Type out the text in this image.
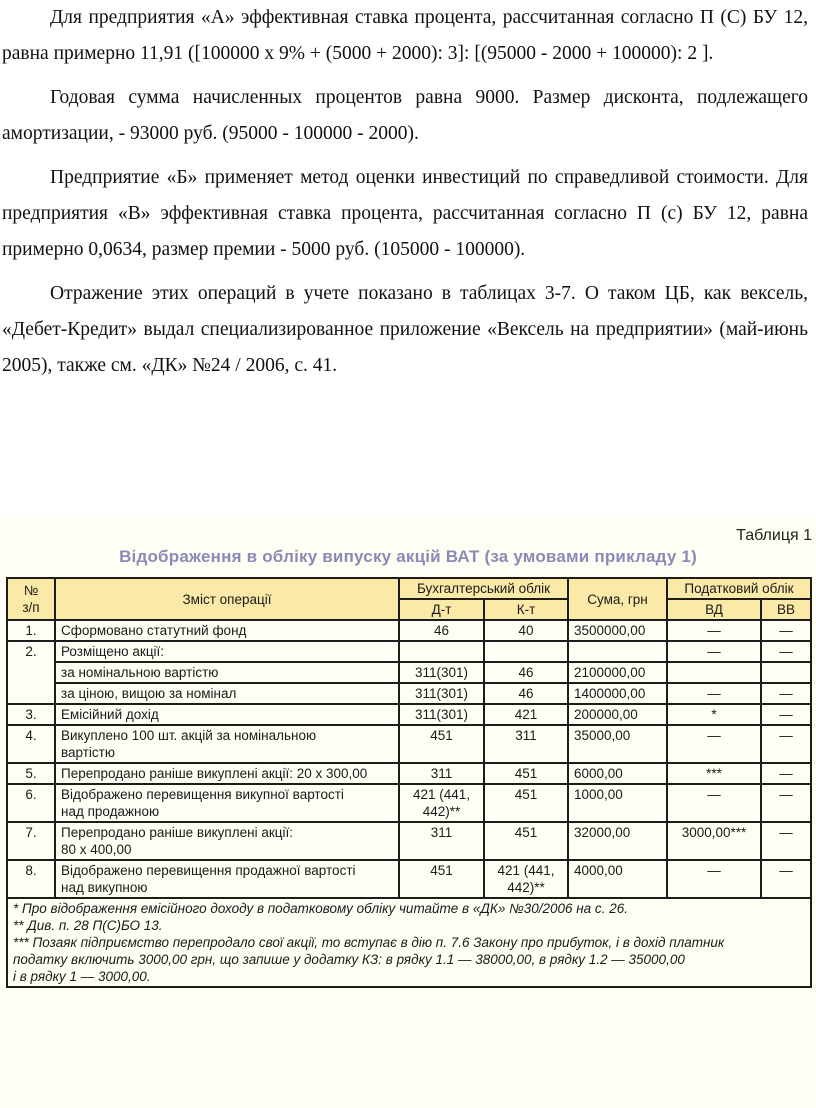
Для предприятия «А» эффективная ставка процента, рассчитанная согласно П (С) БУ 12, равна примерно 11,91 ([100000 х 9% + (5000 + 2000): 3]: [(95000 - 2000 + 100000): 2 ].

Годовая сумма начисленных процентов равна 9000. Размер дисконта, подлежащего амортизации, - 93000 руб. (95000 - 100000 - 2000).

Предприятие «Б» применяет метод оценки инвестиций по справедливой стоимости. Для предприятия «В» эффективная ставка процента, рассчитанная согласно П (с) БУ 12, равна примерно 0,0634, размер премии - 5000 руб. (105000 - 100000).

Отражение этих операций в учете показано в таблицах 3-7. О таком ЦБ, как вексель, «Дебет-Кредит» выдал специализированное приложение «Вексель на предприятии» (май-июнь 2005), также см. «ДК» №24 / 2006, с. 41.

Таблиця 1
Відображення в обліку випуску акцій ВАТ (за умовами прикладу 1)
№
з/п	Зміст операції	Бухгалтерський облік		Сума, грн	Податковий облік	
		Д-т	К-т		ВД	ВВ
1.	Сформовано статутний фонд	46	40	3500000,00	—	—
2.	Розміщено акції:				—	—
	за номінальною вартістю	311(301)	46	2100000,00		
	за ціною, вищою за номінал	311(301)	46	1400000,00	—	—
3.	Емісійний дохід	311(301)	421	200000,00	*	—
4.	Викуплено 100 шт. акцій за номінальною
вартістю	451	311	35000,00	—	—
5.	Перепродано раніше викуплені акції: 20 х 300,00	311	451	6000,00	***	—
6.	Відображено перевищення викупної вартості
над продажною	421 (441,
442)**	451	1000,00	—	—
7.	Перепродано раніше викуплені акції:
80 х 400,00	311	451	32000,00	3000,00***	—
8.	Відображено перевищення продажної вартості
над викупною	451	421 (441,
442)**	4000,00	—	—

* Про відображення емісійного доходу в податковому обліку читайте в «ДК» №30/2006 на с. 26.
** Див. п. 28 П(С)БО 13.
*** Позаяк підприємство перепродало свої акції, то вступає в дію п. 7.6 Закону про прибуток, і в дохід платник
податку включить 3000,00 грн, що запише у додатку КЗ: в рядку 1.1 — 38000,00, в рядку 1.2 — 35000,00
і в рядку 1 — 3000,00.						
